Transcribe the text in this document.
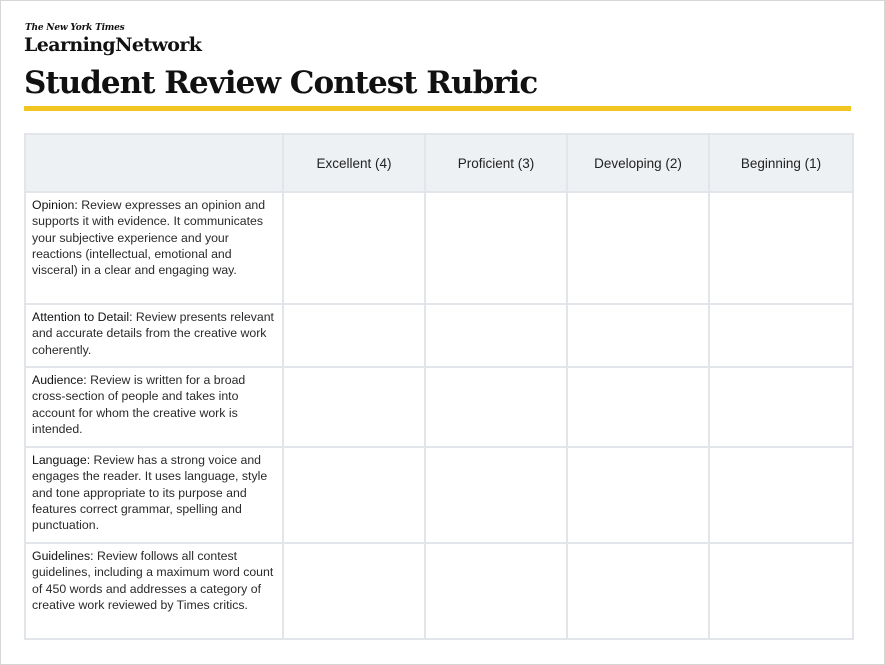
The New York Times
LearningNetwork
Student Review Contest Rubric
	Excellent (4)	Proficient (3)	Developing (2)	Beginning (1)
Opinion: Review expresses an opinion and supports it with evidence. It communicates your subjective experience and your reactions (intellectual, emotional and visceral) in a clear and engaging way.				
Attention to Detail: Review presents relevant and accurate details from the creative work coherently.				
Audience: Review is written for a broad cross-section of people and takes into account for whom the creative work is intended.				
Language: Review has a strong voice and engages the reader. It uses language, style and tone appropriate to its purpose and features correct grammar, spelling and punctuation.				
Guidelines: Review follows all contest guidelines, including a maximum word count of 450 words and addresses a category of creative work reviewed by Times critics.				
